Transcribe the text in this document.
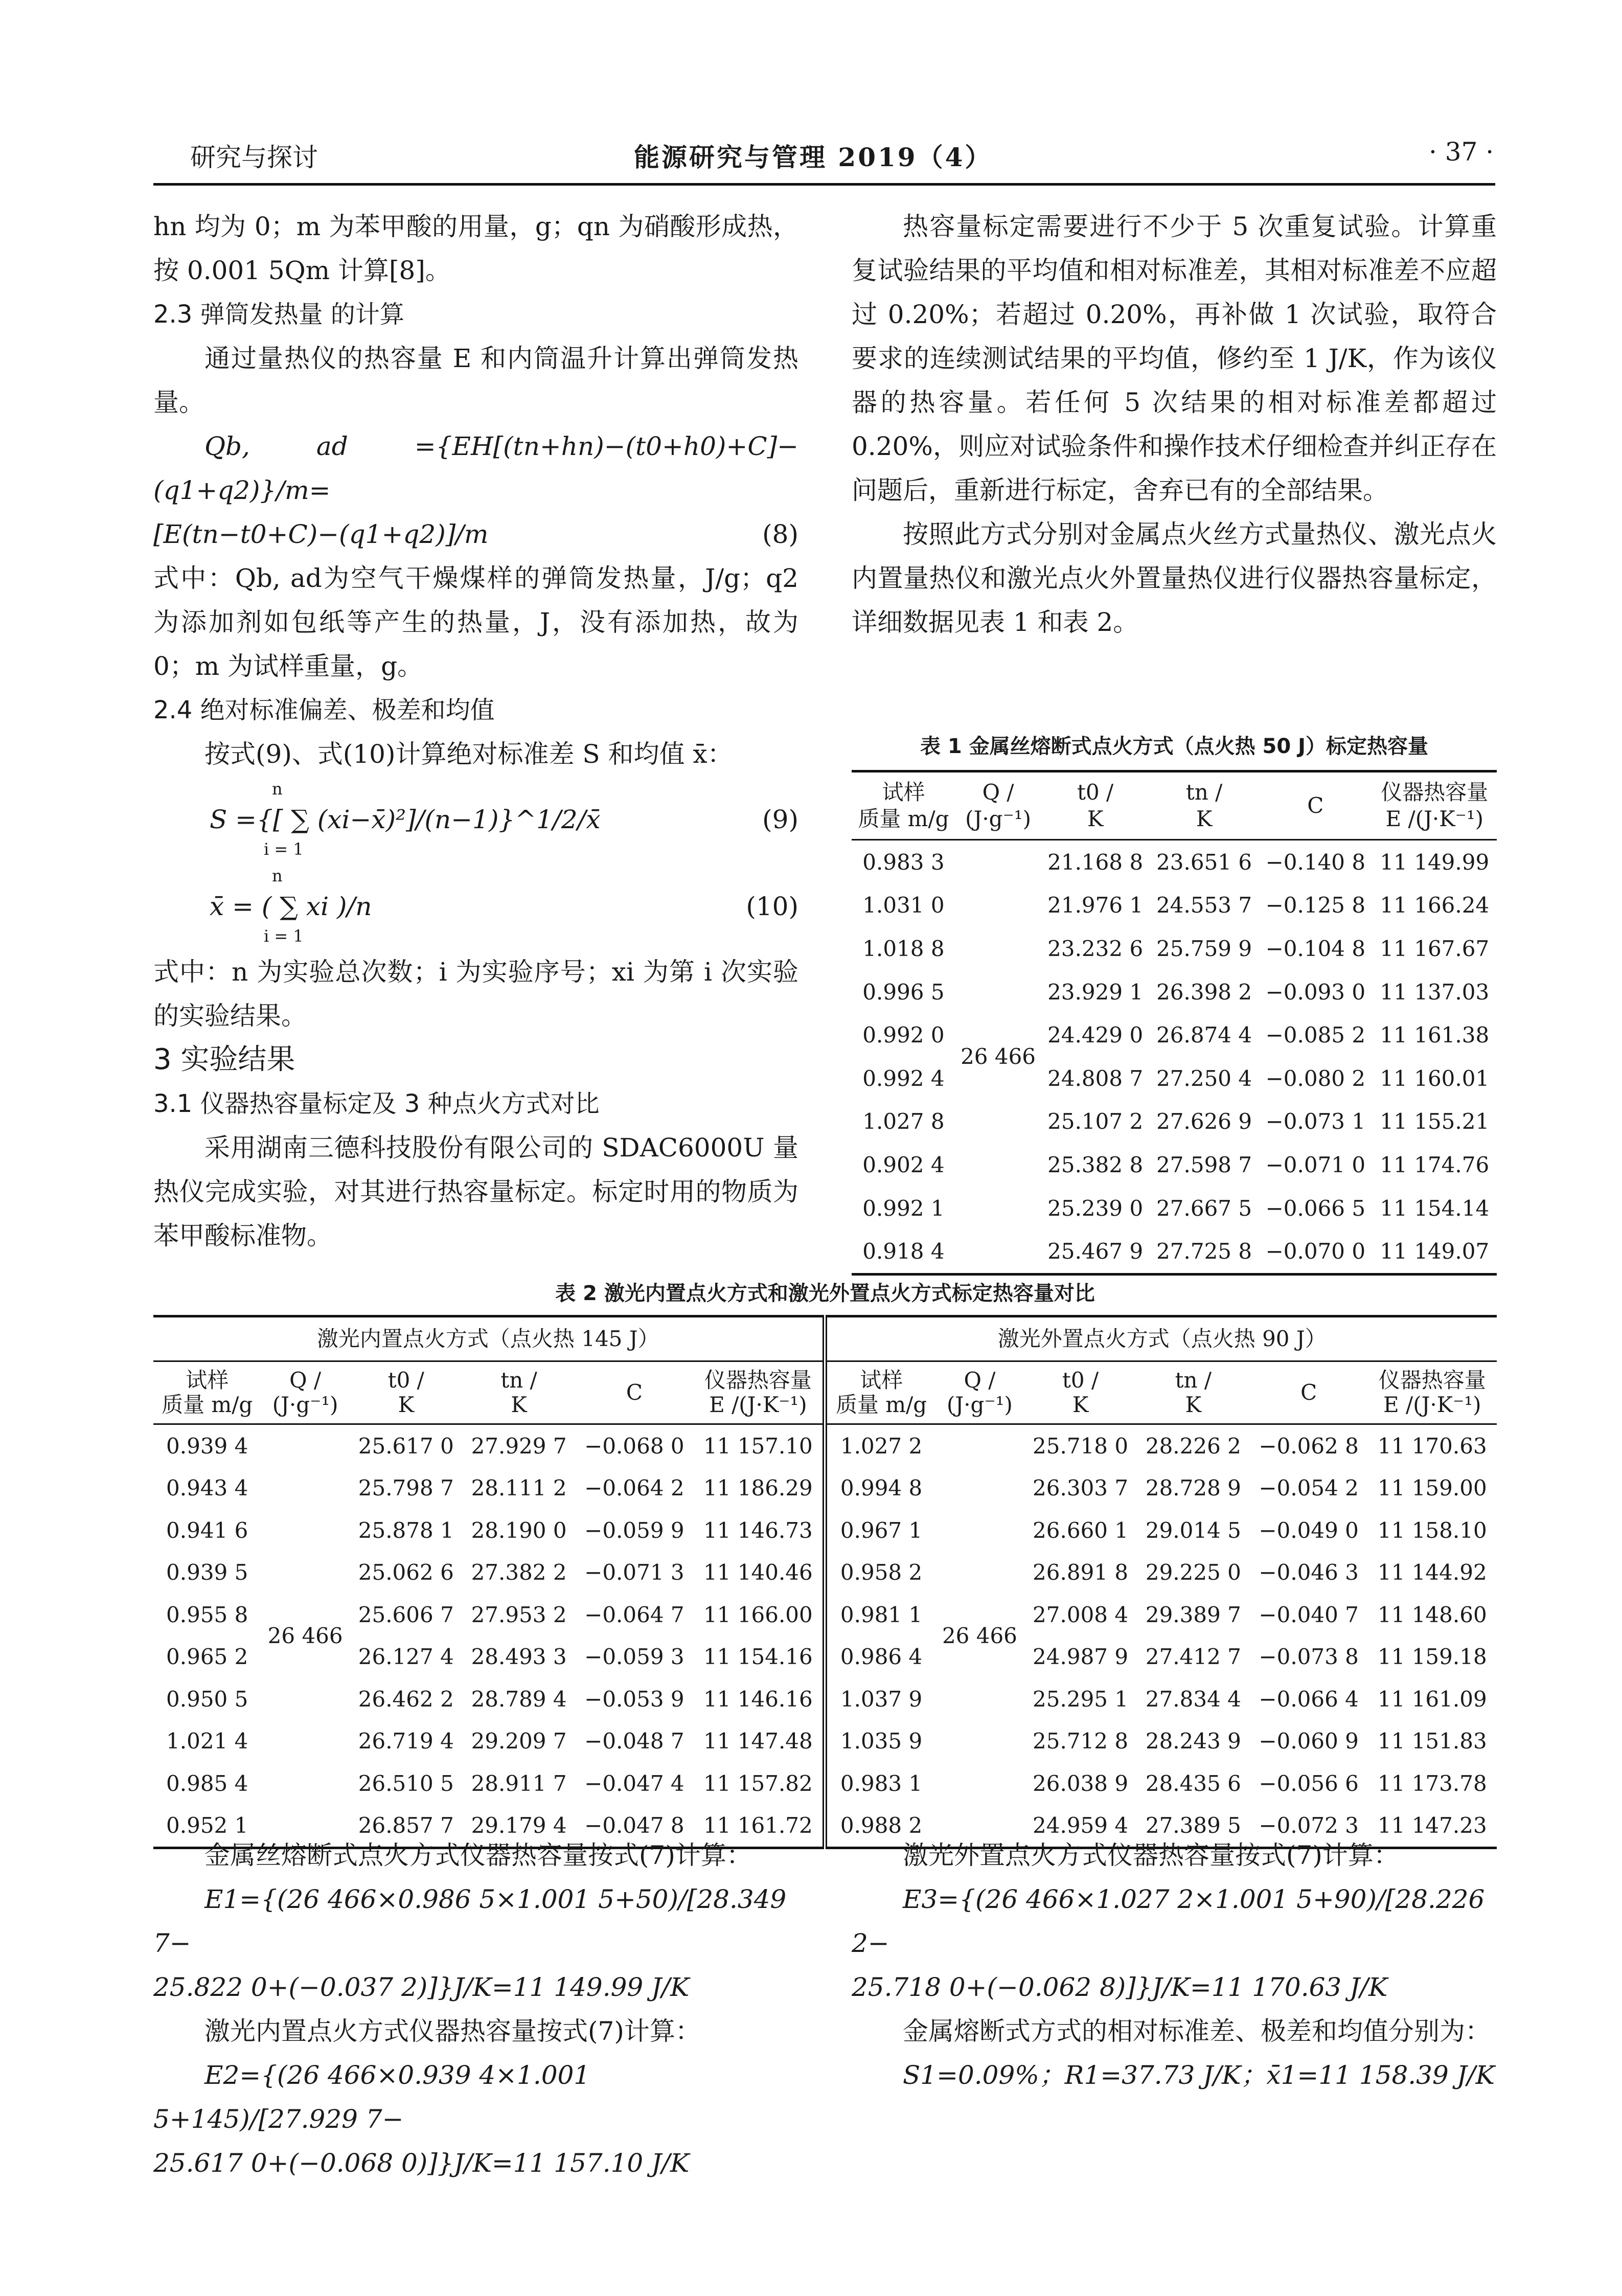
研究与探讨	能源研究与管理 2019（4）	· 37 ·

hn 均为 0；m 为苯甲酸的用量，g；qn 为硝酸形成热，按 0.001 5Qm 计算[8]。

2.3 弹筒发热量 的计算

通过量热仪的热容量 E 和内筒温升计算出弹筒发热量。

Qb, ad ={EH[(tn+hn)−(t0+h0)+C]−(q1+q2)}/m=

[E(tn−t0+C)−(q1+q2)]/m	(8)

式中：Qb, ad为空气干燥煤样的弹筒发热量，J/g；q2 为添加剂如包纸等产生的热量，J，没有添加热，故为 0；m 为试样重量，g。

2.4 绝对标准偏差、极差和均值

按式(9)、式(10)计算绝对标准差 S 和均值 x̄：

n
S ={[ ∑ (xi−x̄)²]/(n−1)}^1/2/x̄
i = 1
(9)
n
x̄ = ( ∑ xi )/n
i = 1
(10)

式中：n 为实验总次数；i 为实验序号；xi 为第 i 次实验的实验结果。

3 实验结果

3.1 仪器热容量标定及 3 种点火方式对比

采用湖南三德科技股份有限公司的 SDAC6000U 量热仪完成实验，对其进行热容量标定。标定时用的物质为苯甲酸标准物。

热容量标定需要进行不少于 5 次重复试验。计算重复试验结果的平均值和相对标准差，其相对标准差不应超过 0.20%；若超过 0.20%，再补做 1 次试验，取符合要求的连续测试结果的平均值，修约至 1 J/K，作为该仪器的热容量。若任何 5 次结果的相对标准差都超过 0.20%，则应对试验条件和操作技术仔细检查并纠正存在问题后，重新进行标定，舍弃已有的全部结果。

按照此方式分别对金属点火丝方式量热仪、激光点火内置量热仪和激光点火外置量热仪进行仪器热容量标定，详细数据见表 1 和表 2。

表 1 金属丝熔断式点火方式（点火热 50 J）标定热容量
试样
质量 m/g	Q /
(J·g⁻¹)	t0 /
K	tn /
K	C	仪器热容量
E /(J·K⁻¹)
0.983 3	26 466	21.168 8	23.651 6	−0.140 8	11 149.99
1.031 0		21.976 1	24.553 7	−0.125 8	11 166.24
1.018 8		23.232 6	25.759 9	−0.104 8	11 167.67
0.996 5		23.929 1	26.398 2	−0.093 0	11 137.03
0.992 0		24.429 0	26.874 4	−0.085 2	11 161.38
0.992 4		24.808 7	27.250 4	−0.080 2	11 160.01
1.027 8		25.107 2	27.626 9	−0.073 1	11 155.21
0.902 4		25.382 8	27.598 7	−0.071 0	11 174.76
0.992 1		25.239 0	27.667 5	−0.066 5	11 154.14
0.918 4		25.467 9	27.725 8	−0.070 0	11 149.07
表 2 激光内置点火方式和激光外置点火方式标定热容量对比
激光内置点火方式（点火热 145 J）						激光外置点火方式（点火热 90 J）					
试样
质量 m/g	Q /
(J·g⁻¹)	t0 /
K	tn /
K	C	仪器热容量
E /(J·K⁻¹)	试样
质量 m/g	Q /
(J·g⁻¹)	t0 /
K	tn /
K	C	仪器热容量
E /(J·K⁻¹)
0.939 4	26 466	25.617 0	27.929 7	−0.068 0	11 157.10	1.027 2	26 466	25.718 0	28.226 2	−0.062 8	11 170.63
0.943 4		25.798 7	28.111 2	−0.064 2	11 186.29	0.994 8		26.303 7	28.728 9	−0.054 2	11 159.00
0.941 6		25.878 1	28.190 0	−0.059 9	11 146.73	0.967 1		26.660 1	29.014 5	−0.049 0	11 158.10
0.939 5		25.062 6	27.382 2	−0.071 3	11 140.46	0.958 2		26.891 8	29.225 0	−0.046 3	11 144.92
0.955 8		25.606 7	27.953 2	−0.064 7	11 166.00	0.981 1		27.008 4	29.389 7	−0.040 7	11 148.60
0.965 2		26.127 4	28.493 3	−0.059 3	11 154.16	0.986 4		24.987 9	27.412 7	−0.073 8	11 159.18
0.950 5		26.462 2	28.789 4	−0.053 9	11 146.16	1.037 9		25.295 1	27.834 4	−0.066 4	11 161.09
1.021 4		26.719 4	29.209 7	−0.048 7	11 147.48	1.035 9		25.712 8	28.243 9	−0.060 9	11 151.83
0.985 4		26.510 5	28.911 7	−0.047 4	11 157.82	0.983 1		26.038 9	28.435 6	−0.056 6	11 173.78
0.952 1		26.857 7	29.179 4	−0.047 8	11 161.72	0.988 2		24.959 4	27.389 5	−0.072 3	11 147.23

金属丝熔断式点火方式仪器热容量按式(7)计算：

E1={(26 466×0.986 5×1.001 5+50)/[28.349 7−

25.822 0+(−0.037 2)]}J/K=11 149.99 J/K

激光内置点火方式仪器热容量按式(7)计算：

E2={(26 466×0.939 4×1.001 5+145)/[27.929 7−

25.617 0+(−0.068 0)]}J/K=11 157.10 J/K

激光外置点火方式仪器热容量按式(7)计算：

E3={(26 466×1.027 2×1.001 5+90)/[28.226 2−

25.718 0+(−0.062 8)]}J/K=11 170.63 J/K

金属熔断式方式的相对标准差、极差和均值分别为：

S1=0.09%；R1=37.73 J/K；x̄1=11 158.39 J/K
